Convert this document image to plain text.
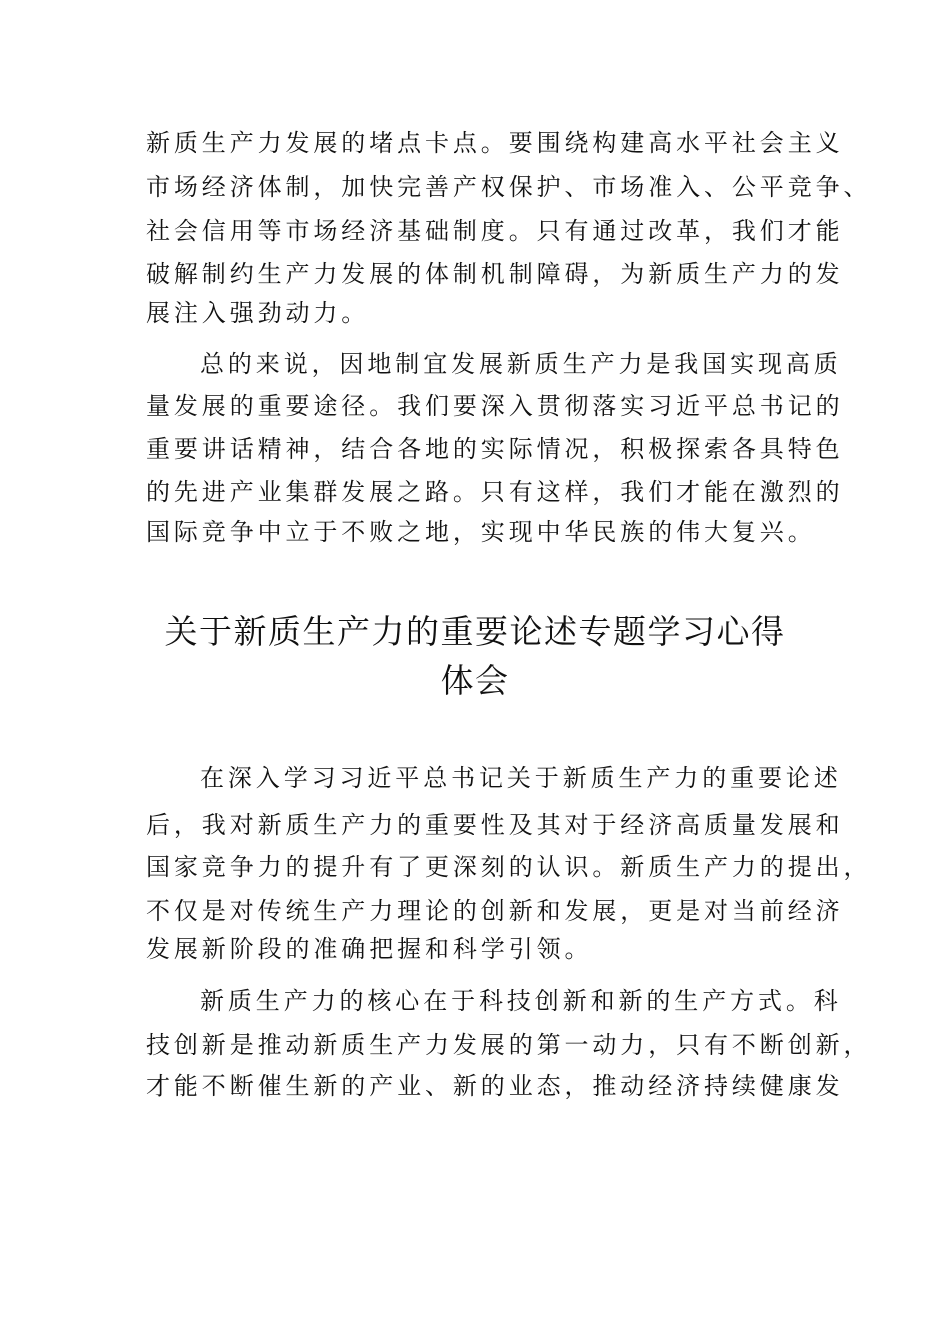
新质生产力发展的堵点卡点。要围绕构建高水平社会主义
市场经济体制，加快完善产权保护、市场准入、公平竞争、
社会信用等市场经济基础制度。只有通过改革，我们才能
破解制约生产力发展的体制机制障碍，为新质生产力的发
展注入强劲动力。
总的来说，因地制宜发展新质生产力是我国实现高质
量发展的重要途径。我们要深入贯彻落实习近平总书记的
重要讲话精神，结合各地的实际情况，积极探索各具特色
的先进产业集群发展之路。只有这样，我们才能在激烈的
国际竞争中立于不败之地，实现中华民族的伟大复兴。
关于新质生产力的重要论述专题学习心得
体会
在深入学习习近平总书记关于新质生产力的重要论述
后，我对新质生产力的重要性及其对于经济高质量发展和
国家竞争力的提升有了更深刻的认识。新质生产力的提出，
不仅是对传统生产力理论的创新和发展，更是对当前经济
发展新阶段的准确把握和科学引领。
新质生产力的核心在于科技创新和新的生产方式。科
技创新是推动新质生产力发展的第一动力，只有不断创新，
才能不断催生新的产业、新的业态，推动经济持续健康发
